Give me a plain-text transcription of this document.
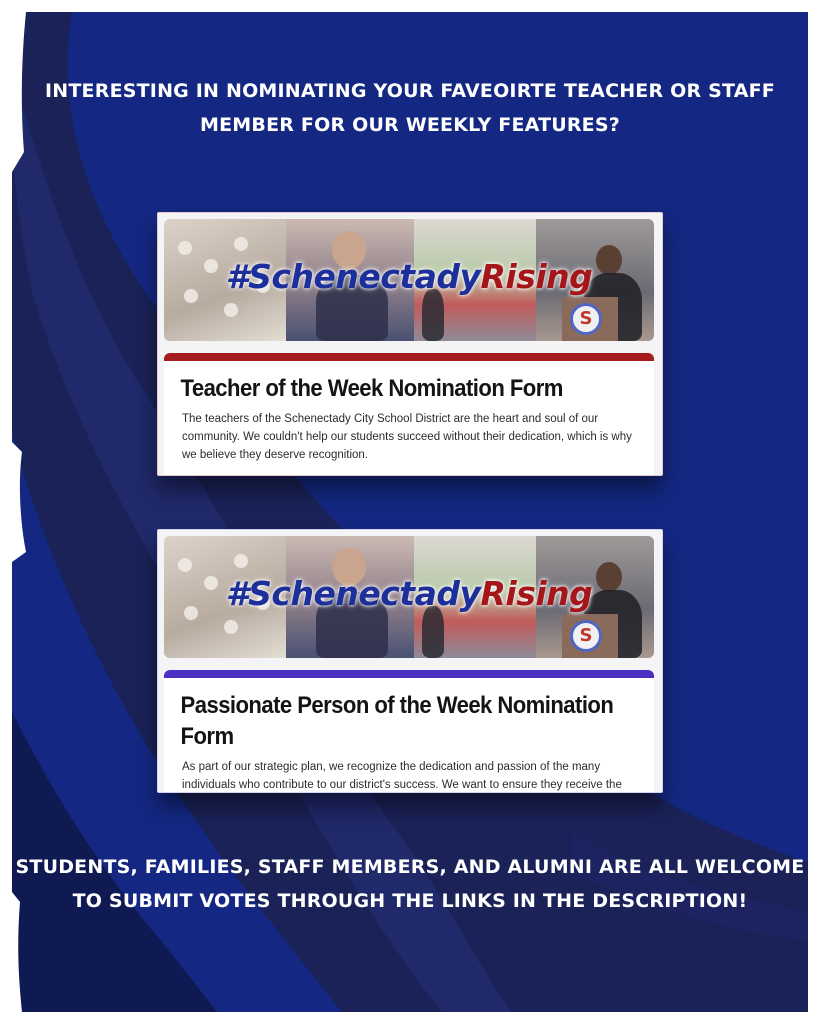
INTERESTING IN NOMINATING YOUR FAVEOIRTE TEACHER OR STAFF MEMBER FOR OUR WEEKLY FEATURES?
S
#SchenectadyRising
Teacher of the Week Nomination Form

The teachers of the Schenectady City School District are the heart and soul of our community. We couldn't help our students succeed without their dedication, which is why we believe they deserve recognition.

S
#SchenectadyRising
Passionate Person of the Week Nomination Form

As part of our strategic plan, we recognize the dedication and passion of the many individuals who contribute to our district's success. We want to ensure they receive the

STUDENTS, FAMILIES, STAFF MEMBERS, AND ALUMNI ARE ALL WELCOME TO SUBMIT VOTES THROUGH THE LINKS IN THE DESCRIPTION!
